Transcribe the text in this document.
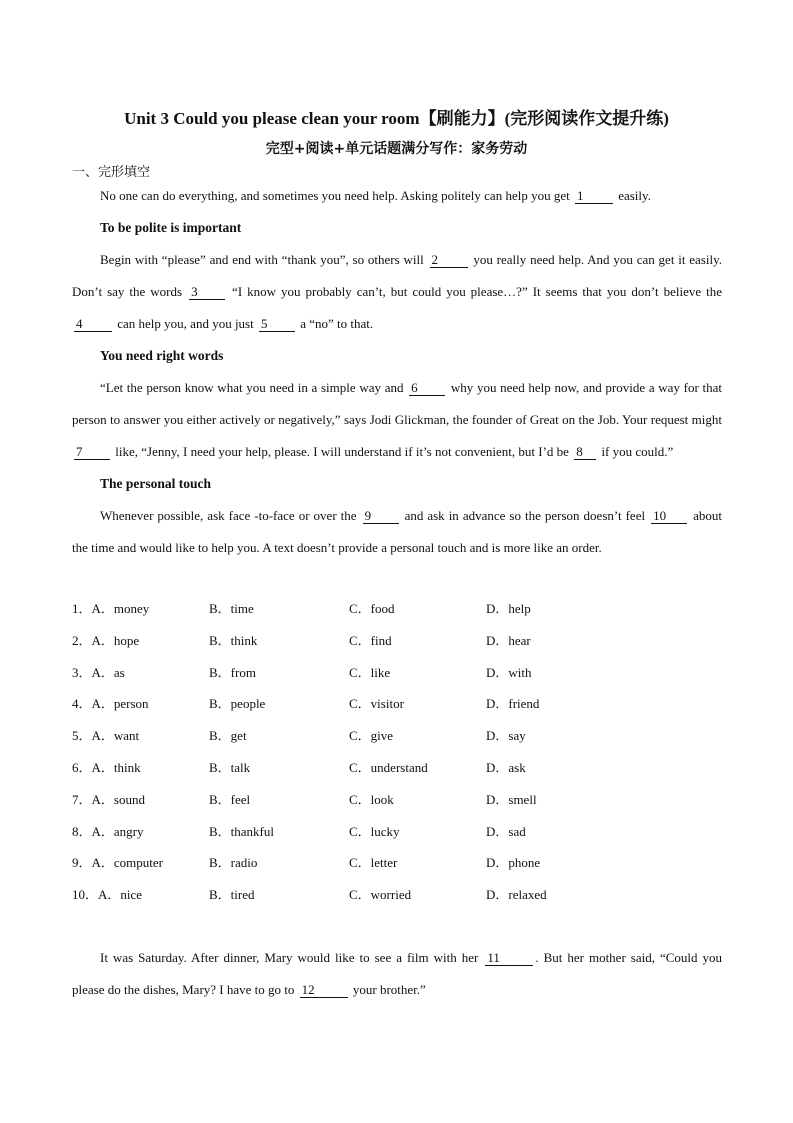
Unit 3 Could you please clean your room【刷能力】(完形阅读作文提升练)
完型+阅读+单元话题满分写作：家务劳动
一、完形填空

No one can do everything, and sometimes you need help. Asking politely can help you get 1 easily.

To be polite is important

Begin with “please” and end with “thank you”, so others will 2 you really need help. And you can get it easily. Don’t say the words 3 “I know you probably can’t, but could you please…?” It seems that you don’t believe the 4 can help you, and you just 5 a “no” to that.

You need right words

“Let the person know what you need in a simple way and 6 why you need help now, and provide a way for that person to answer you either actively or negatively,” says Jodi Glickman, the founder of Great on the Job. Your request might 7 like, “Jenny, I need your help, please. I will understand if it’s not convenient, but I’d be 8 if you could.”

The personal touch

Whenever possible, ask face -to-face or over the 9 and ask in advance so the person doesn’t feel 10 about the time and would like to help you. A text doesn’t provide a personal touch and is more like an order.

1．A．money	B．time	C．food	D．help
2．A．hope	B．think	C．find	D．hear
3．A．as	B．from	C．like	D．with
4．A．person	B．people	C．visitor	D．friend
5．A．want	B．get	C．give	D．say
6．A．think	B．talk	C．understand	D．ask
7．A．sound	B．feel	C．look	D．smell
8．A．angry	B．thankful	C．lucky	D．sad
9．A．computer	B．radio	C．letter	D．phone
10．A．nice	B．tired	C．worried	D．relaxed

It was Saturday. After dinner, Mary would like to see a film with her 11	. But her mother said, “Could you please do the dishes, Mary? I have to go to 12	your brother.”
